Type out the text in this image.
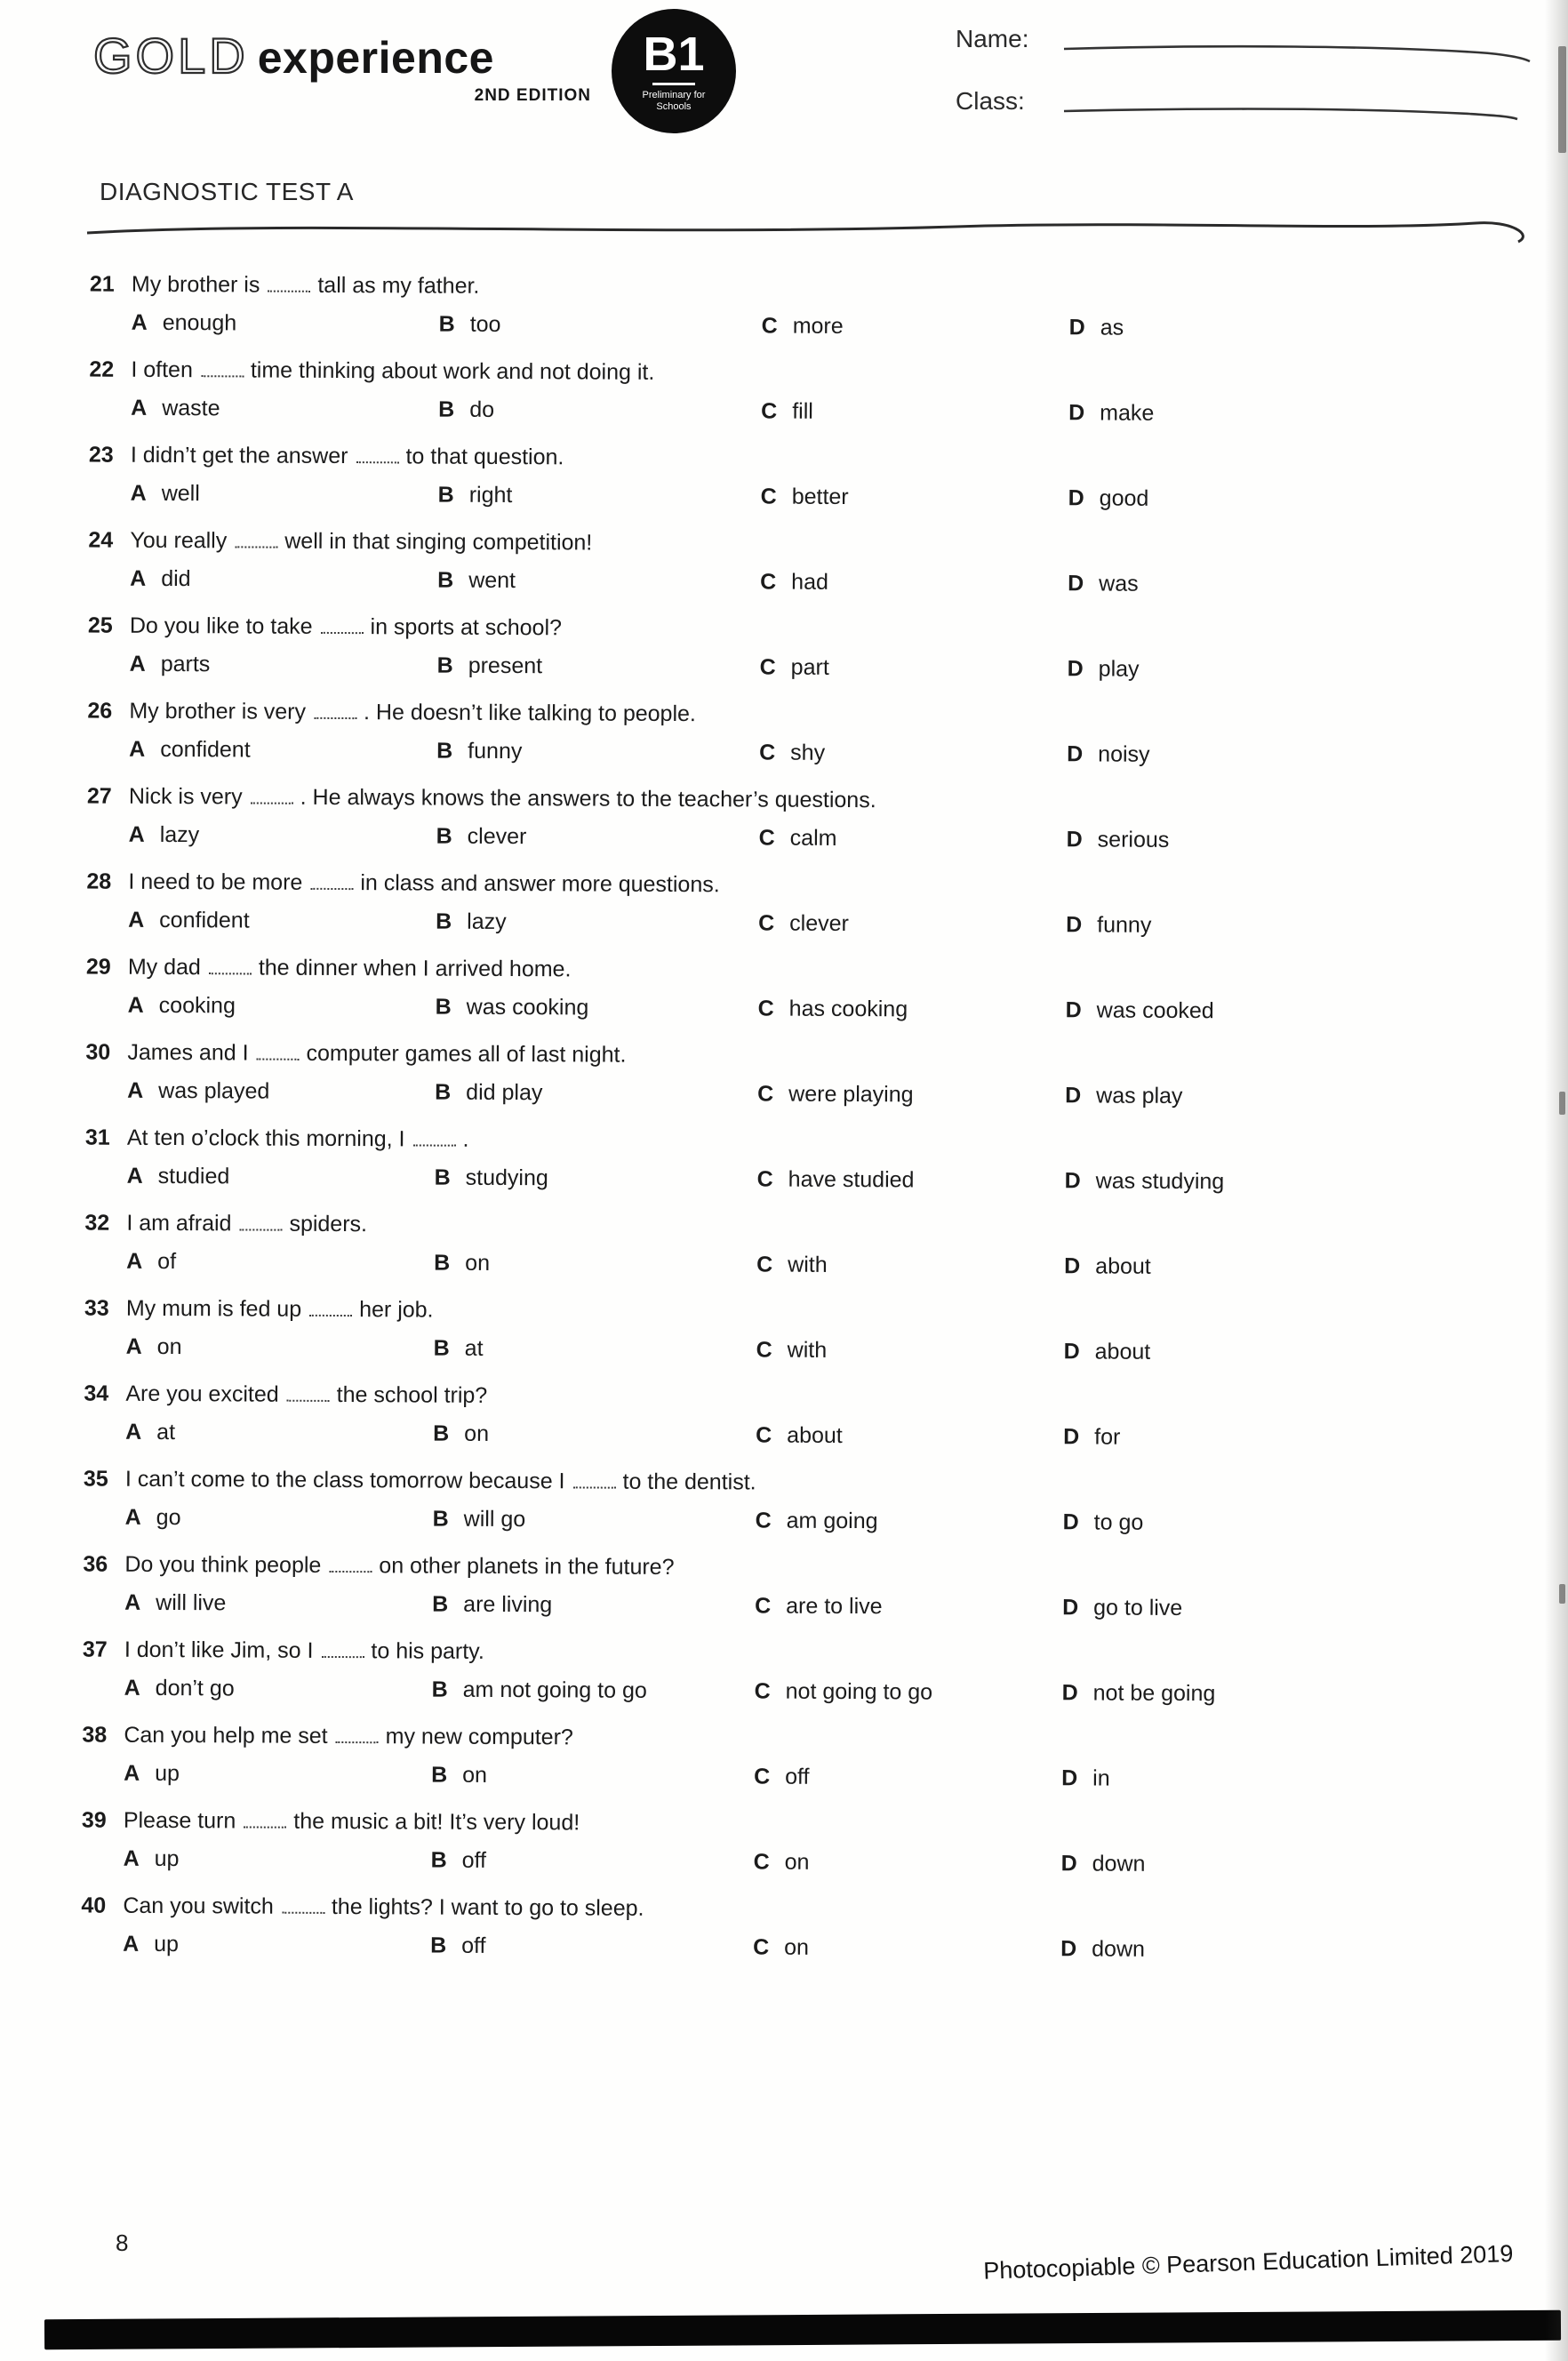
GOLD experience
2ND EDITION
B1
Preliminary for Schools
Name:
Class:
DIAGNOSTIC TEST A
21 My brother is	tall as my father.
A enough	B too	C more	D as
22 I often	time thinking about work and not doing it.
A waste	B do	C fill	D make
23 I didn’t get the answer	to that question.
A well	B right	C better	D good
24 You really	well in that singing competition!
A did	B went	C had	D was
25 Do you like to take	in sports at school?
A parts	B present	C part	D play
26 My brother is very	. He doesn’t like talking to people.
A confident	B funny	C shy	D noisy
27 Nick is very	. He always knows the answers to the teacher’s questions.
A lazy	B clever	C calm	D serious
28 I need to be more	in class and answer more questions.
A confident	B lazy	C clever	D funny
29 My dad	the dinner when I arrived home.
A cooking	B was cooking	C has cooking	D was cooked
30 James and I	computer games all of last night.
A was played	B did play	C were playing	D was play
31 At ten o’clock this morning, I	.
A studied	B studying	C have studied	D was studying
32 I am afraid	spiders.
A of	B on	C with	D about
33 My mum is fed up	her job.
A on	B at	C with	D about
34 Are you excited	the school trip?
A at	B on	C about	D for
35 I can’t come to the class tomorrow because I	to the dentist.
A go	B will go	C am going	D to go
36 Do you think people	on other planets in the future?
A will live	B are living	C are to live	D go to live
37 I don’t like Jim, so I	to his party.
A don’t go	B am not going to go	C not going to go	D not be going
38 Can you help me set	my new computer?
A up	B on	C off	D in
39 Please turn	the music a bit! It’s very loud!
A up	B off	C on	D down
40 Can you switch	the lights? I want to go to sleep.
A up	B off	C on	D down
8	Photocopiable © Pearson Education Limited 2019
